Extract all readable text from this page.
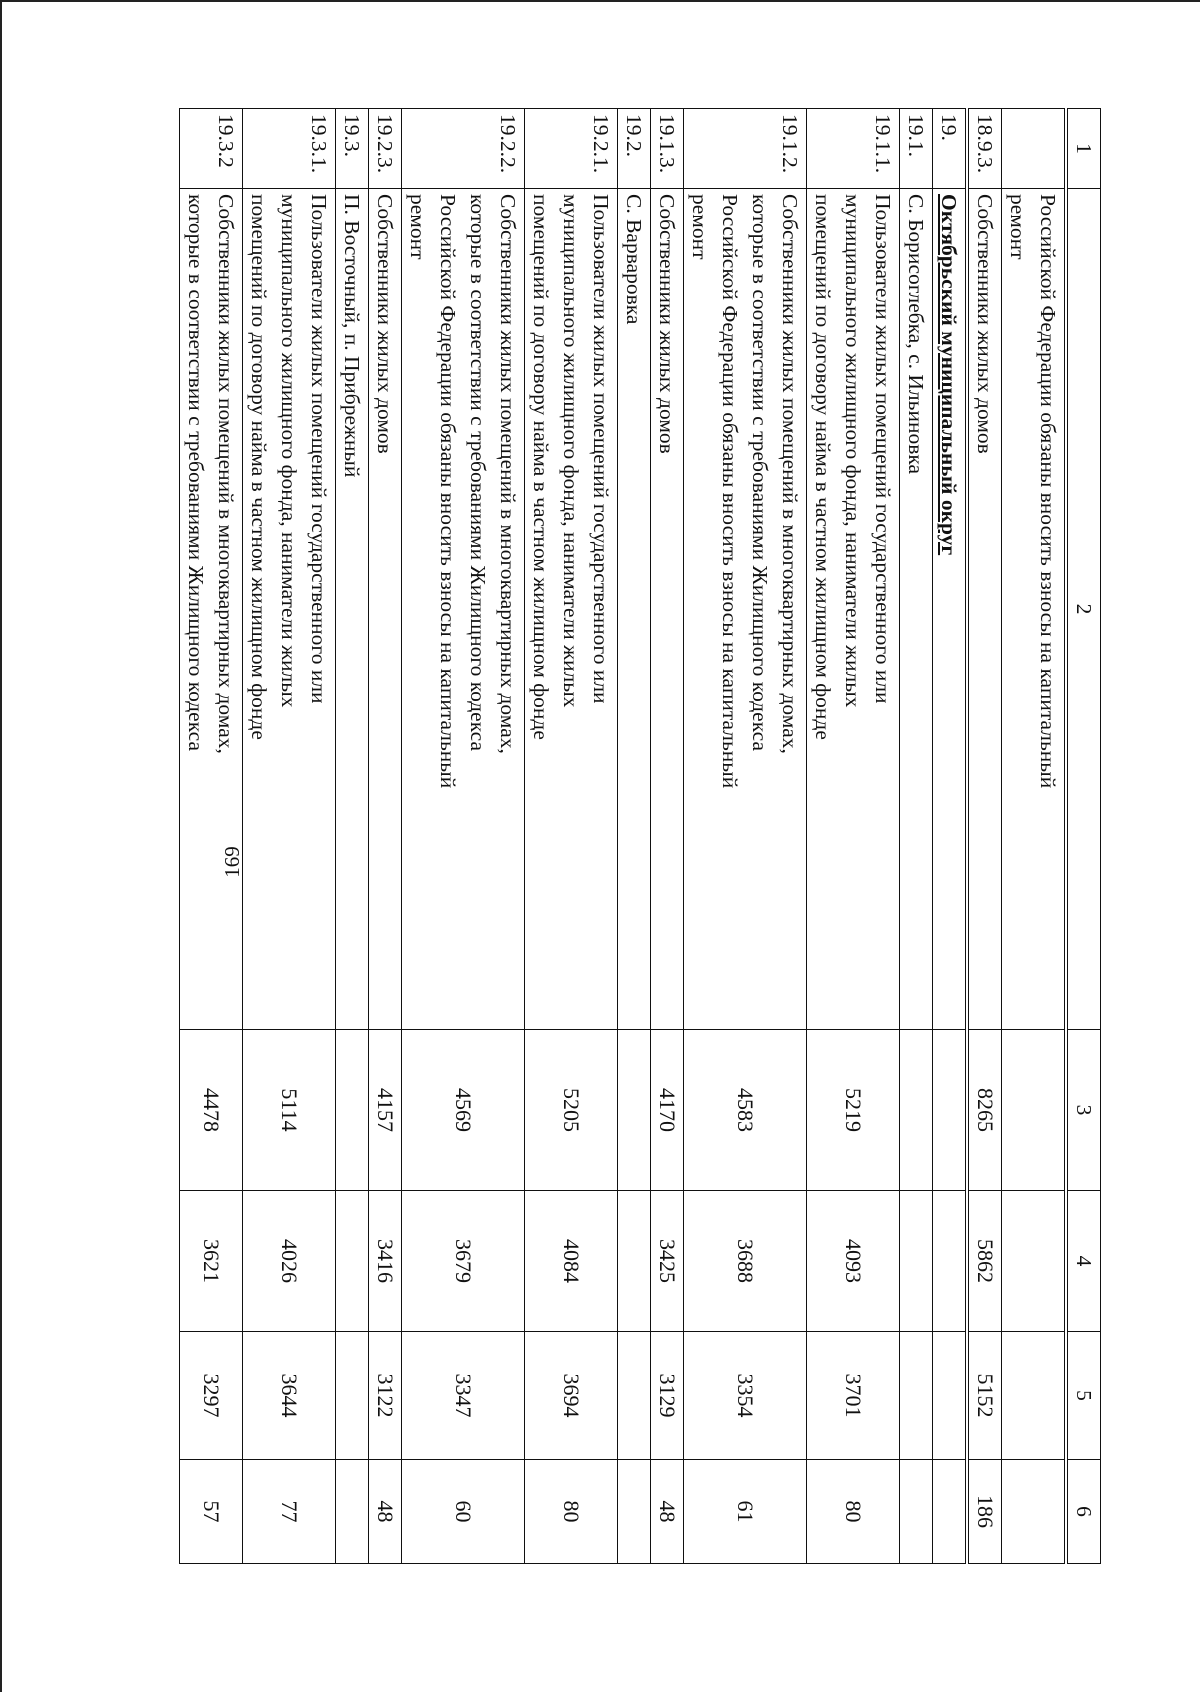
169
1	2	3	4	5	6
	Российской Федерации обязаны вносить взносы на капитальный
ремонт				
18.9.3.	Собственники жилых домов	8265	5862	5152	186
19.	Октябрьский муниципальный округ				
19.1.	С. Борисоглебка, с. Ильиновка				
19.1.1.	Пользователи жилых помещений государственного или
муниципального жилищного фонда, наниматели жилых
помещений по договору найма в частном жилищном фонде	5219	4093	3701	80
19.1.2.	Собственники жилых помещений в многоквартирных домах,
которые в соответствии с требованиями Жилищного кодекса
Российской Федерации обязаны вносить взносы на капитальный
ремонт	4583	3688	3354	61
19.1.3.	Собственники жилых домов	4170	3425	3129	48
19.2.	С. Варваровка				
19.2.1.	Пользователи жилых помещений государственного или
муниципального жилищного фонда, наниматели жилых
помещений по договору найма в частном жилищном фонде	5205	4084	3694	80
19.2.2.	Собственники жилых помещений в многоквартирных домах,
которые в соответствии с требованиями Жилищного кодекса
Российской Федерации обязаны вносить взносы на капитальный
ремонт	4569	3679	3347	60
19.2.3.	Собственники жилых домов	4157	3416	3122	48
19.3.	П. Восточный, п. Прибрежный				
19.3.1.	Пользователи жилых помещений государственного или
муниципального жилищного фонда, наниматели жилых
помещений по договору найма в частном жилищном фонде	5114	4026	3644	77
19.3.2	Собственники жилых помещений в многоквартирных домах,
которые в соответствии с требованиями Жилищного кодекса	4478	3621	3297	57
